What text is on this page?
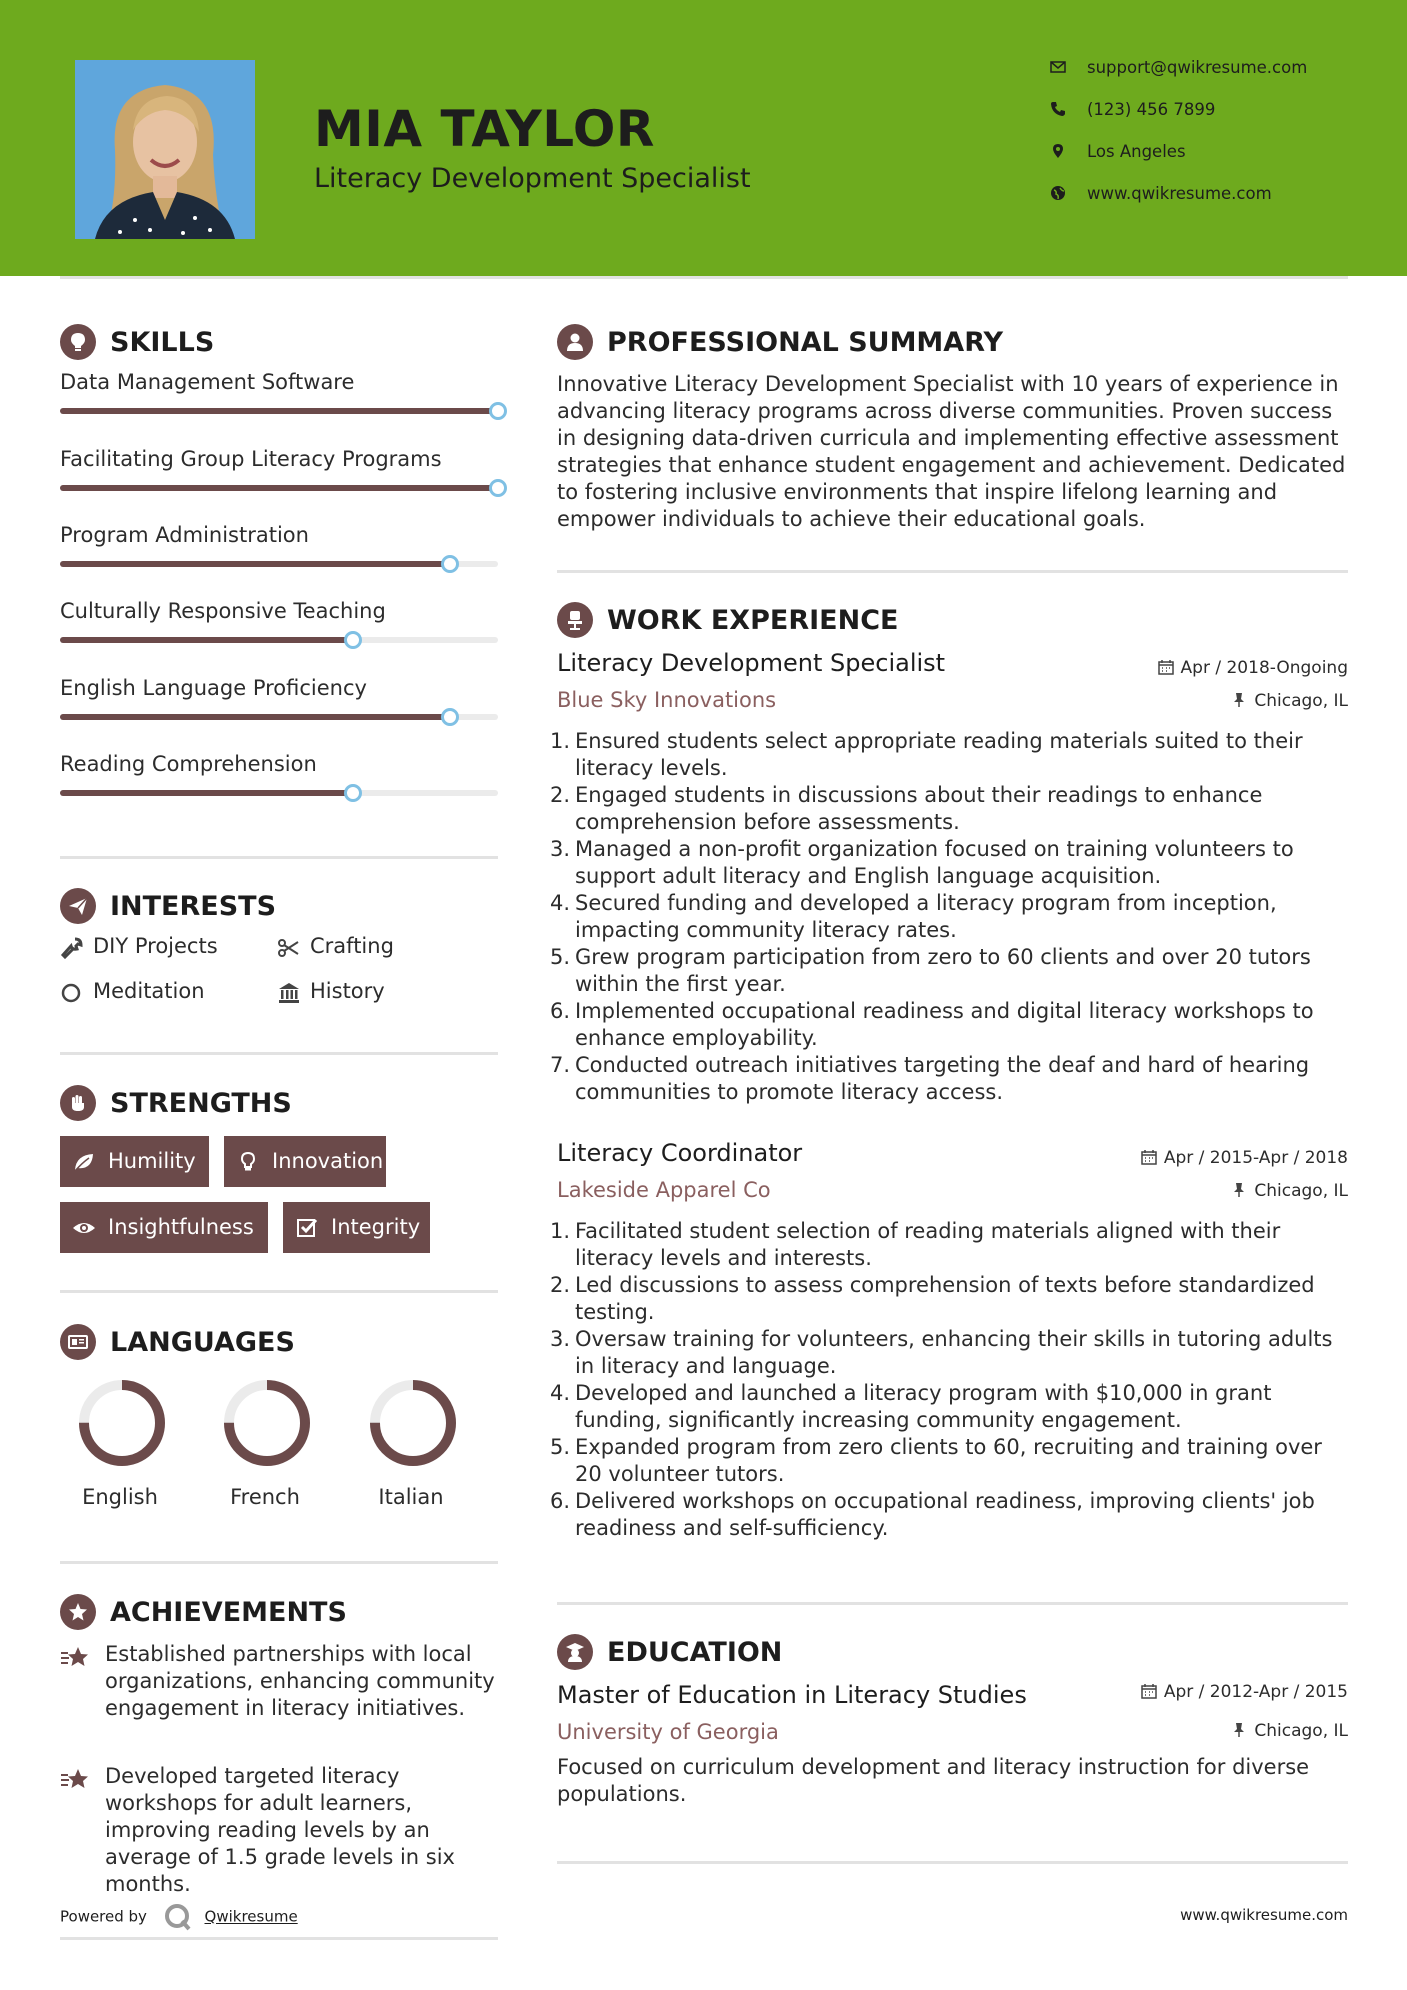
MIA TAYLOR
Literacy Development Specialist
support@qwikresume.com
(123) 456 7899
Los Angeles
www.qwikresume.com
SKILLS
Data Management Software
Facilitating Group Literacy Programs
Program Administration
Culturally Responsive Teaching
English Language Proficiency
Reading Comprehension
INTERESTS
DIY Projects	Crafting
Meditation	History
STRENGTHS
Humility	Innovation
Insightfulness	Integrity
LANGUAGES
English	French	Italian
ACHIEVEMENTS
Established partnerships with local organizations, enhancing community engagement in literacy initiatives.
Developed targeted literacy workshops for adult learners, improving reading levels by an average of 1.5 grade levels in six months.
PROFESSIONAL SUMMARY
Innovative Literacy Development Specialist with 10 years of experience in advancing literacy programs across diverse communities. Proven success in designing data-driven curricula and implementing effective assessment strategies that enhance student engagement and achievement. Dedicated to fostering inclusive environments that inspire lifelong learning and empower individuals to achieve their educational goals.
WORK EXPERIENCE
Literacy Development Specialist	Apr / 2018-Ongoing
Blue Sky Innovations	Chicago, IL
1. Ensured students select appropriate reading materials suited to their literacy levels.
2. Engaged students in discussions about their readings to enhance comprehension before assessments.
3. Managed a non-profit organization focused on training volunteers to support adult literacy and English language acquisition.
4. Secured funding and developed a literacy program from inception, impacting community literacy rates.
5. Grew program participation from zero to 60 clients and over 20 tutors within the first year.
6. Implemented occupational readiness and digital literacy workshops to enhance employability.
7. Conducted outreach initiatives targeting the deaf and hard of hearing communities to promote literacy access.
Literacy Coordinator	Apr / 2015-Apr / 2018
Lakeside Apparel Co	Chicago, IL
1. Facilitated student selection of reading materials aligned with their literacy levels and interests.
2. Led discussions to assess comprehension of texts before standardized testing.
3. Oversaw training for volunteers, enhancing their skills in tutoring adults in literacy and language.
4. Developed and launched a literacy program with $10,000 in grant funding, significantly increasing community engagement.
5. Expanded program from zero clients to 60, recruiting and training over 20 volunteer tutors.
6. Delivered workshops on occupational readiness, improving clients' job readiness and self-sufficiency.
EDUCATION
Master of Education in Literacy Studies	Apr / 2012-Apr / 2015
University of Georgia	Chicago, IL
Focused on curriculum development and literacy instruction for diverse populations.
Powered by	Qwikresume	www.qwikresume.com
